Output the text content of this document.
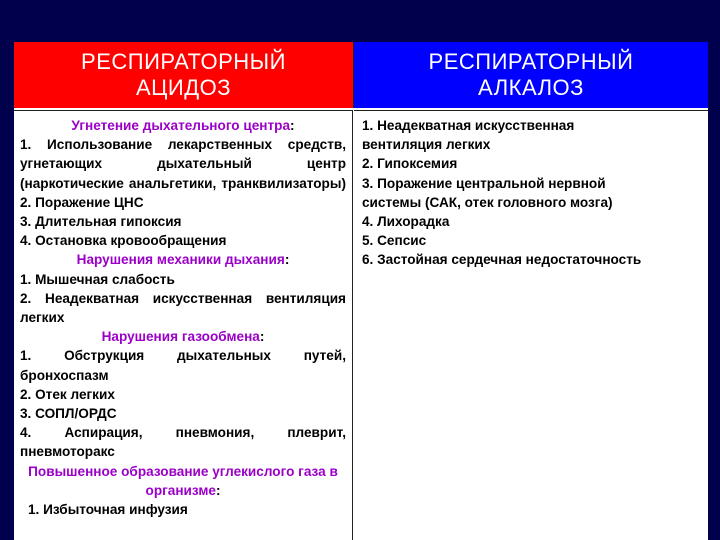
РЕСПИРАТОРНЫЙ
АЦИДОЗ
РЕСПИРАТОРНЫЙ
АЛКАЛОЗ
Угнетение дыхательного центра:
1. Использование лекарственных средств, угнетающих дыхательный центр (наркотические анальгетики, транквилизаторы)
2. Поражение ЦНС
3. Длительная гипоксия
4. Остановка кровообращения
Нарушения механики дыхания:
1. Мышечная слабость
2. Неадекватная искусственная вентиляция легких
Нарушения газообмена:
1. Обструкция дыхательных путей, бронхоспазм
2. Отек легких
3. СОПЛ/ОРДС
4. Аспирация, пневмония, плеврит, пневмоторакс
Повышенное образование углекислого газа в организме:
1. Избыточная инфузия
1. Неадекватная искусственная
вентиляция легких
2. Гипоксемия
3. Поражение центральной нервной
системы (САК, отек головного мозга)
4. Лихорадка
5. Сепсис
6. Застойная сердечная недостаточность
